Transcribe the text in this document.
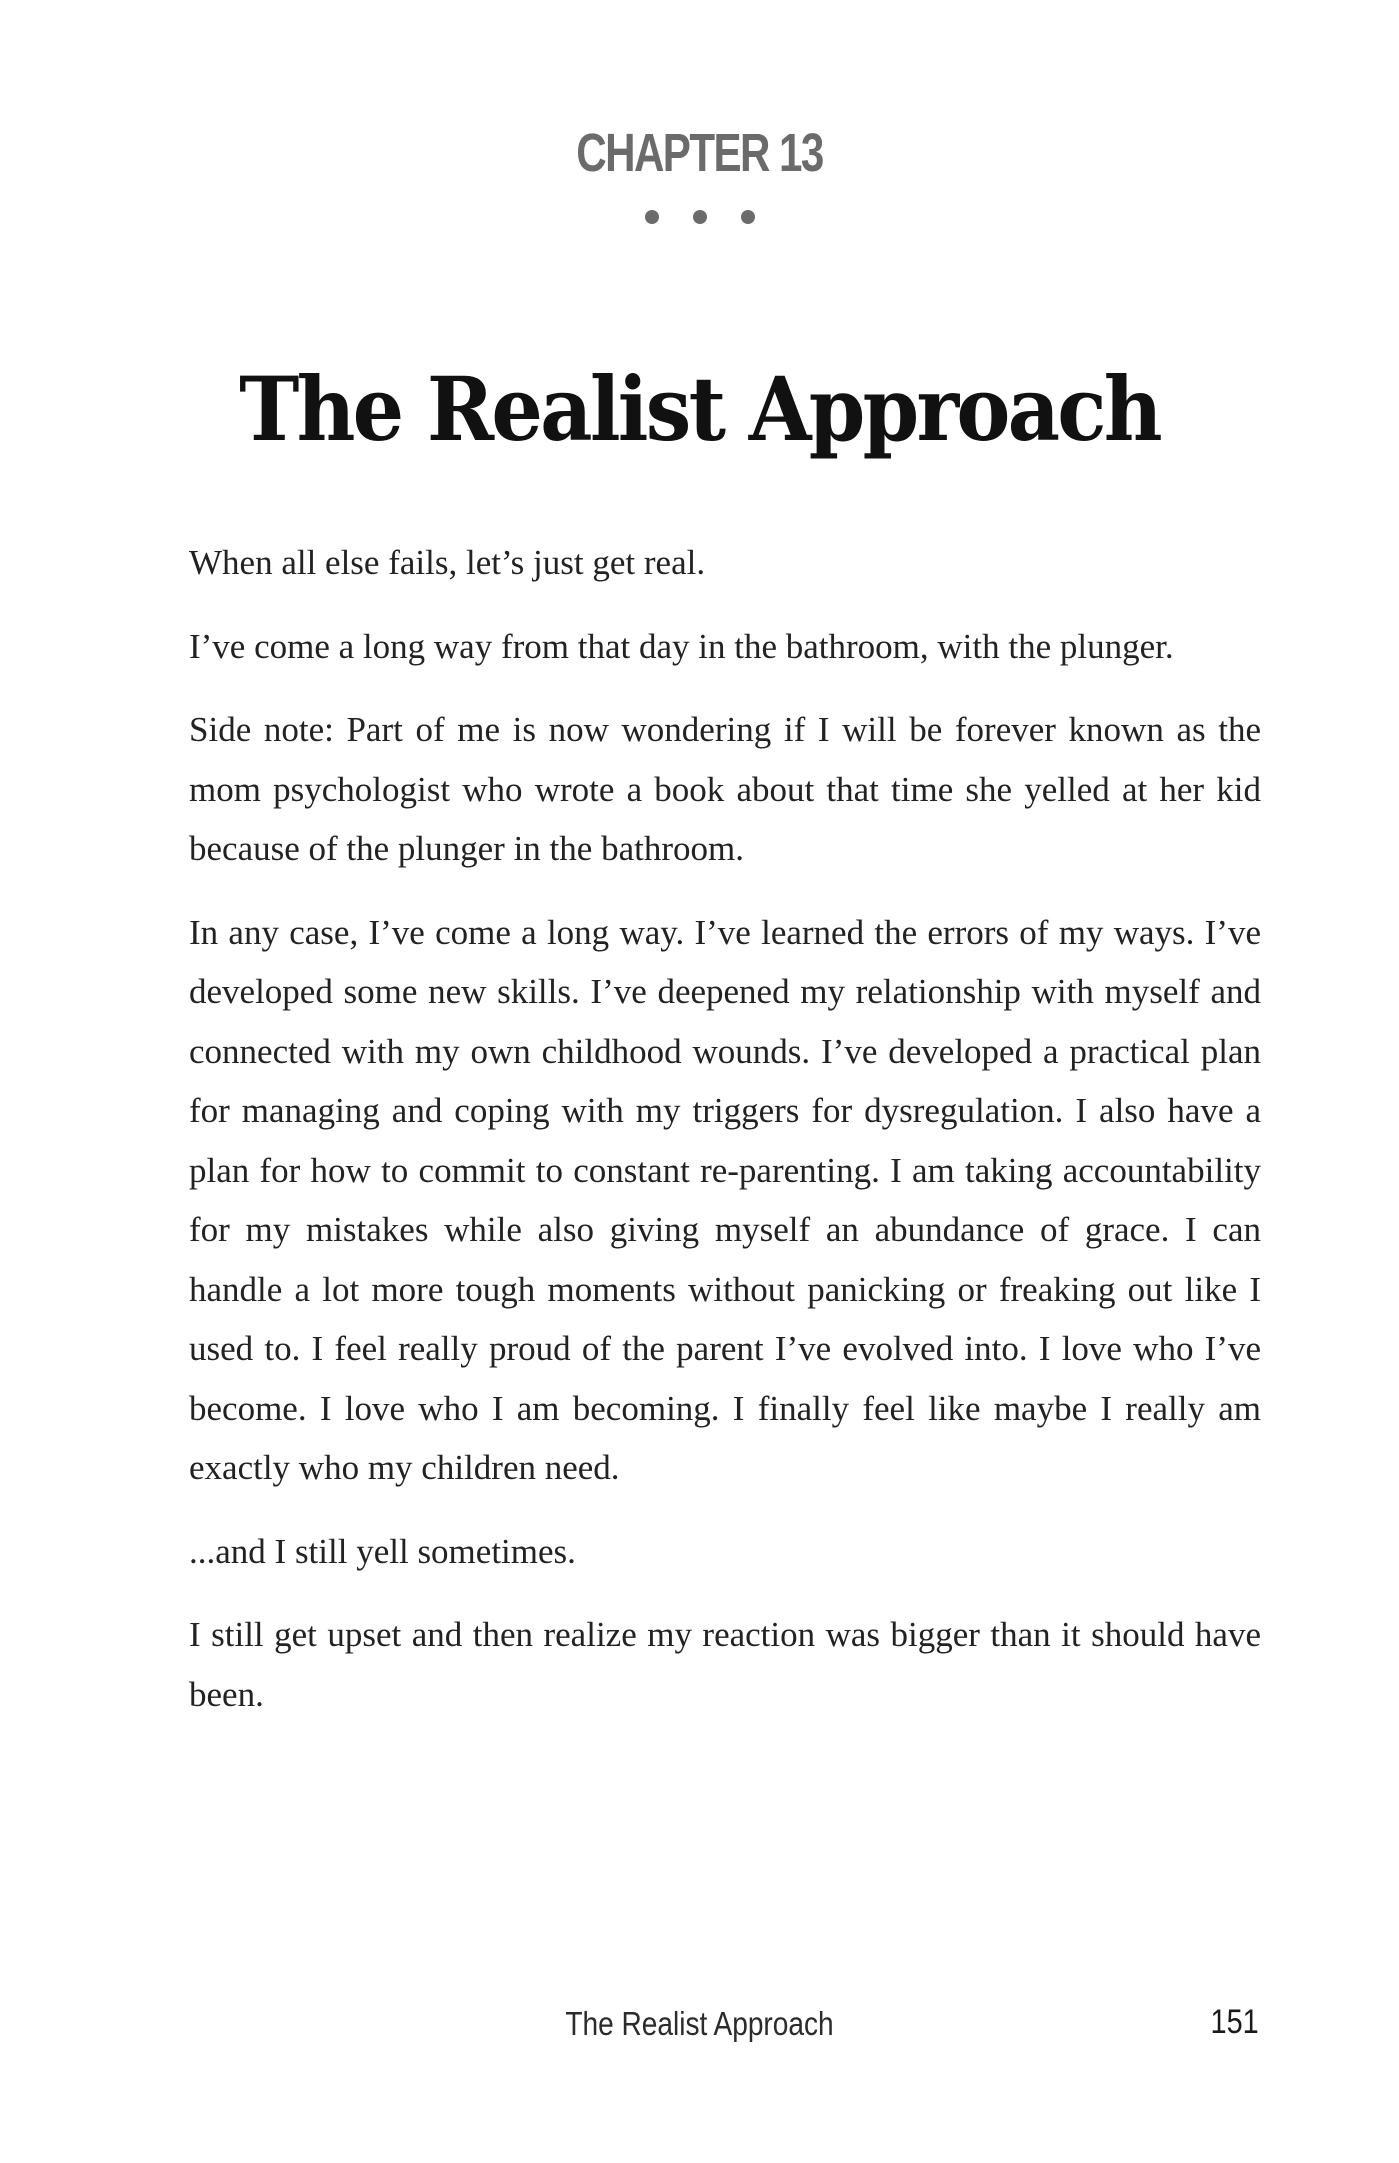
CHAPTER 13
The Realist Approach

When all else fails, let’s just get real.

I’ve come a long way from that day in the bathroom, with the plunger.

Side note: Part of me is now wondering if I will be forever known as the mom psychologist who wrote a book about that time she yelled at her kid because of the plunger in the bathroom.

In any case, I’ve come a long way. I’ve learned the errors of my ways. I’ve developed some new skills. I’ve deepened my relationship with myself and connected with my own childhood wounds. I’ve developed a practical plan for managing and coping with my triggers for dysregulation. I also have a plan for how to commit to constant re-parenting. I am taking accountability for my mistakes while also giving myself an abundance of grace. I can handle a lot more tough moments without panicking or freaking out like I used to. I feel really proud of the parent I’ve evolved into. I love who I’ve become. I love who I am becoming. I finally feel like maybe I really am exactly who my children need.

...and I still yell sometimes.

I still get upset and then realize my reaction was bigger than it should have been.

The Realist Approach	151
